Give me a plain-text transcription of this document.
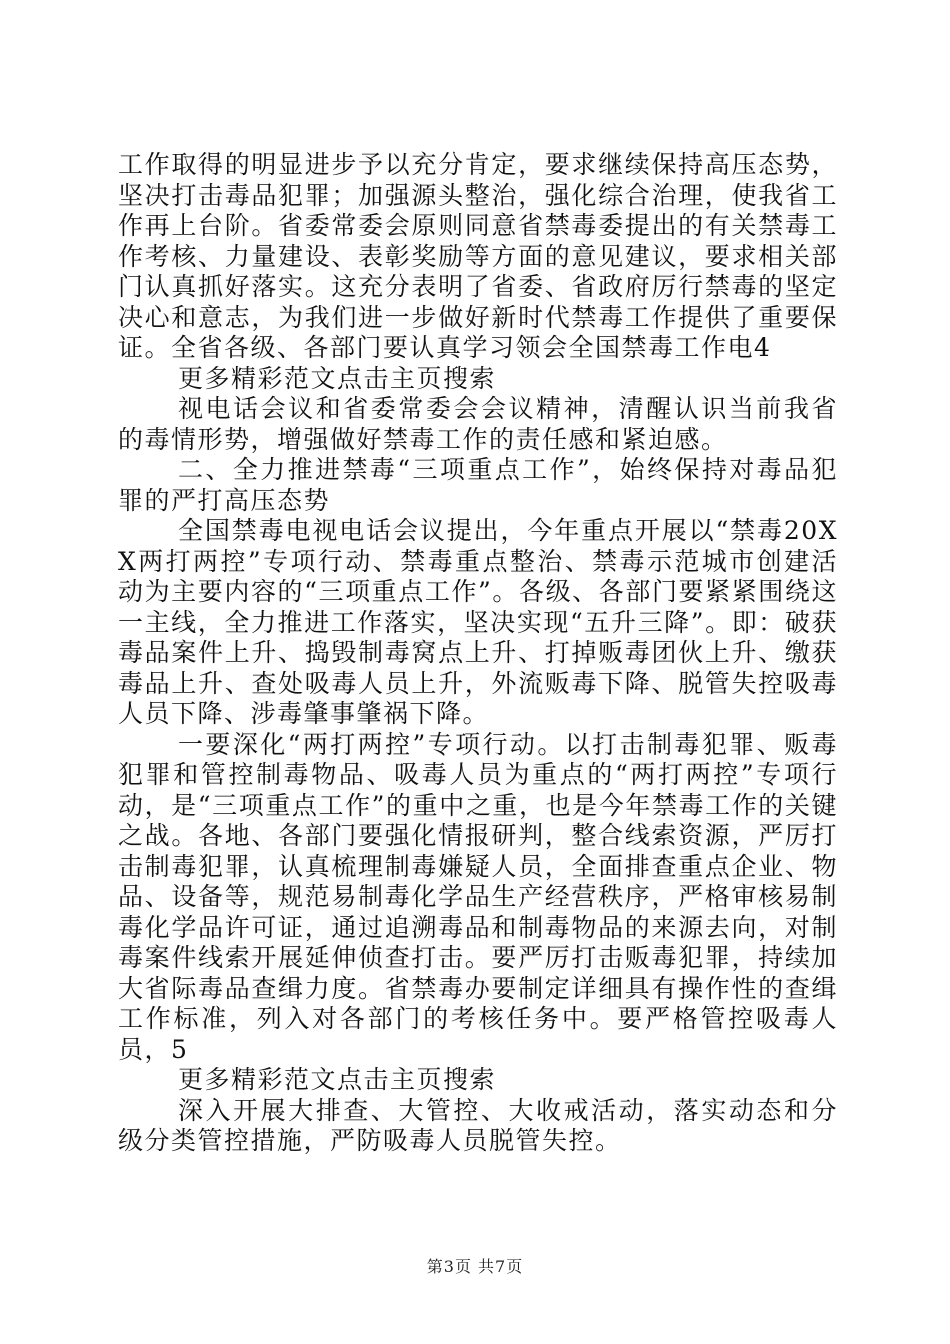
工作取得的明显进步予以充分肯定，要求继续保持高压态势，坚决打击毒品犯罪；加强源头整治，强化综合治理，使我省工作再上台阶。省委常委会原则同意省禁毒委提出的有关禁毒工作考核、力量建设、表彰奖励等方面的意见建议，要求相关部门认真抓好落实。这充分表明了省委、省政府厉行禁毒的坚定决心和意志，为我们进一步做好新时代禁毒工作提供了重要保证。全省各级、各部门要认真学习领会全国禁毒工作电4

更多精彩范文点击主页搜索

视电话会议和省委常委会会议精神，清醒认识当前我省的毒情形势，增强做好禁毒工作的责任感和紧迫感。

二、全力推进禁毒“三项重点工作”，始终保持对毒品犯罪的严打高压态势

全国禁毒电视电话会议提出，今年重点开展以“禁毒20XX两打两控”专项行动、禁毒重点整治、禁毒示范城市创建活动为主要内容的“三项重点工作”。各级、各部门要紧紧围绕这一主线，全力推进工作落实，坚决实现“五升三降”。即：破获毒品案件上升、捣毁制毒窝点上升、打掉贩毒团伙上升、缴获毒品上升、查处吸毒人员上升，外流贩毒下降、脱管失控吸毒人员下降、涉毒肇事肇祸下降。

一要深化“两打两控”专项行动。以打击制毒犯罪、贩毒犯罪和管控制毒物品、吸毒人员为重点的“两打两控”专项行动，是“三项重点工作”的重中之重，也是今年禁毒工作的关键之战。各地、各部门要强化情报研判，整合线索资源，严厉打击制毒犯罪，认真梳理制毒嫌疑人员，全面排查重点企业、物品、设备等，规范易制毒化学品生产经营秩序，严格审核易制毒化学品许可证，通过追溯毒品和制毒物品的来源去向，对制毒案件线索开展延伸侦查打击。要严厉打击贩毒犯罪，持续加大省际毒品查缉力度。省禁毒办要制定详细具有操作性的查缉工作标准，列入对各部门的考核任务中。要严格管控吸毒人员，5

更多精彩范文点击主页搜索

深入开展大排查、大管控、大收戒活动，落实动态和分级分类管控措施，严防吸毒人员脱管失控。

第3页 共7页
